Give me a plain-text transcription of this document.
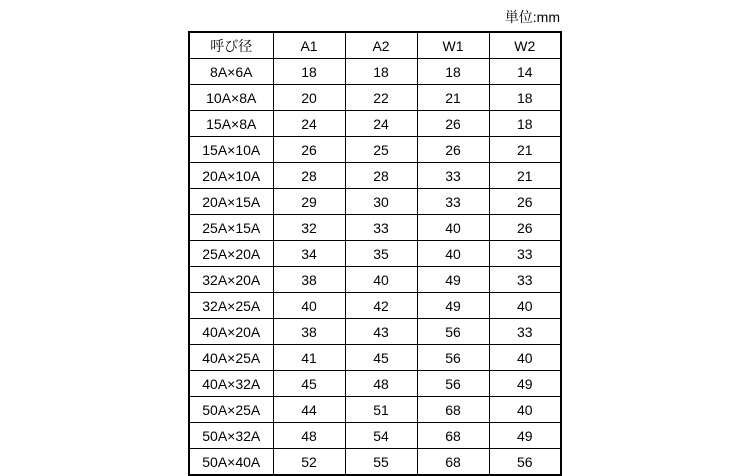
単位:mm
呼び径	A1	A2	W1	W2
8A×6A	18	18	18	14
10A×8A	20	22	21	18
15A×8A	24	24	26	18
15A×10A	26	25	26	21
20A×10A	28	28	33	21
20A×15A	29	30	33	26
25A×15A	32	33	40	26
25A×20A	34	35	40	33
32A×20A	38	40	49	33
32A×25A	40	42	49	40
40A×20A	38	43	56	33
40A×25A	41	45	56	40
40A×32A	45	48	56	49
50A×25A	44	51	68	40
50A×32A	48	54	68	49
50A×40A	52	55	68	56
